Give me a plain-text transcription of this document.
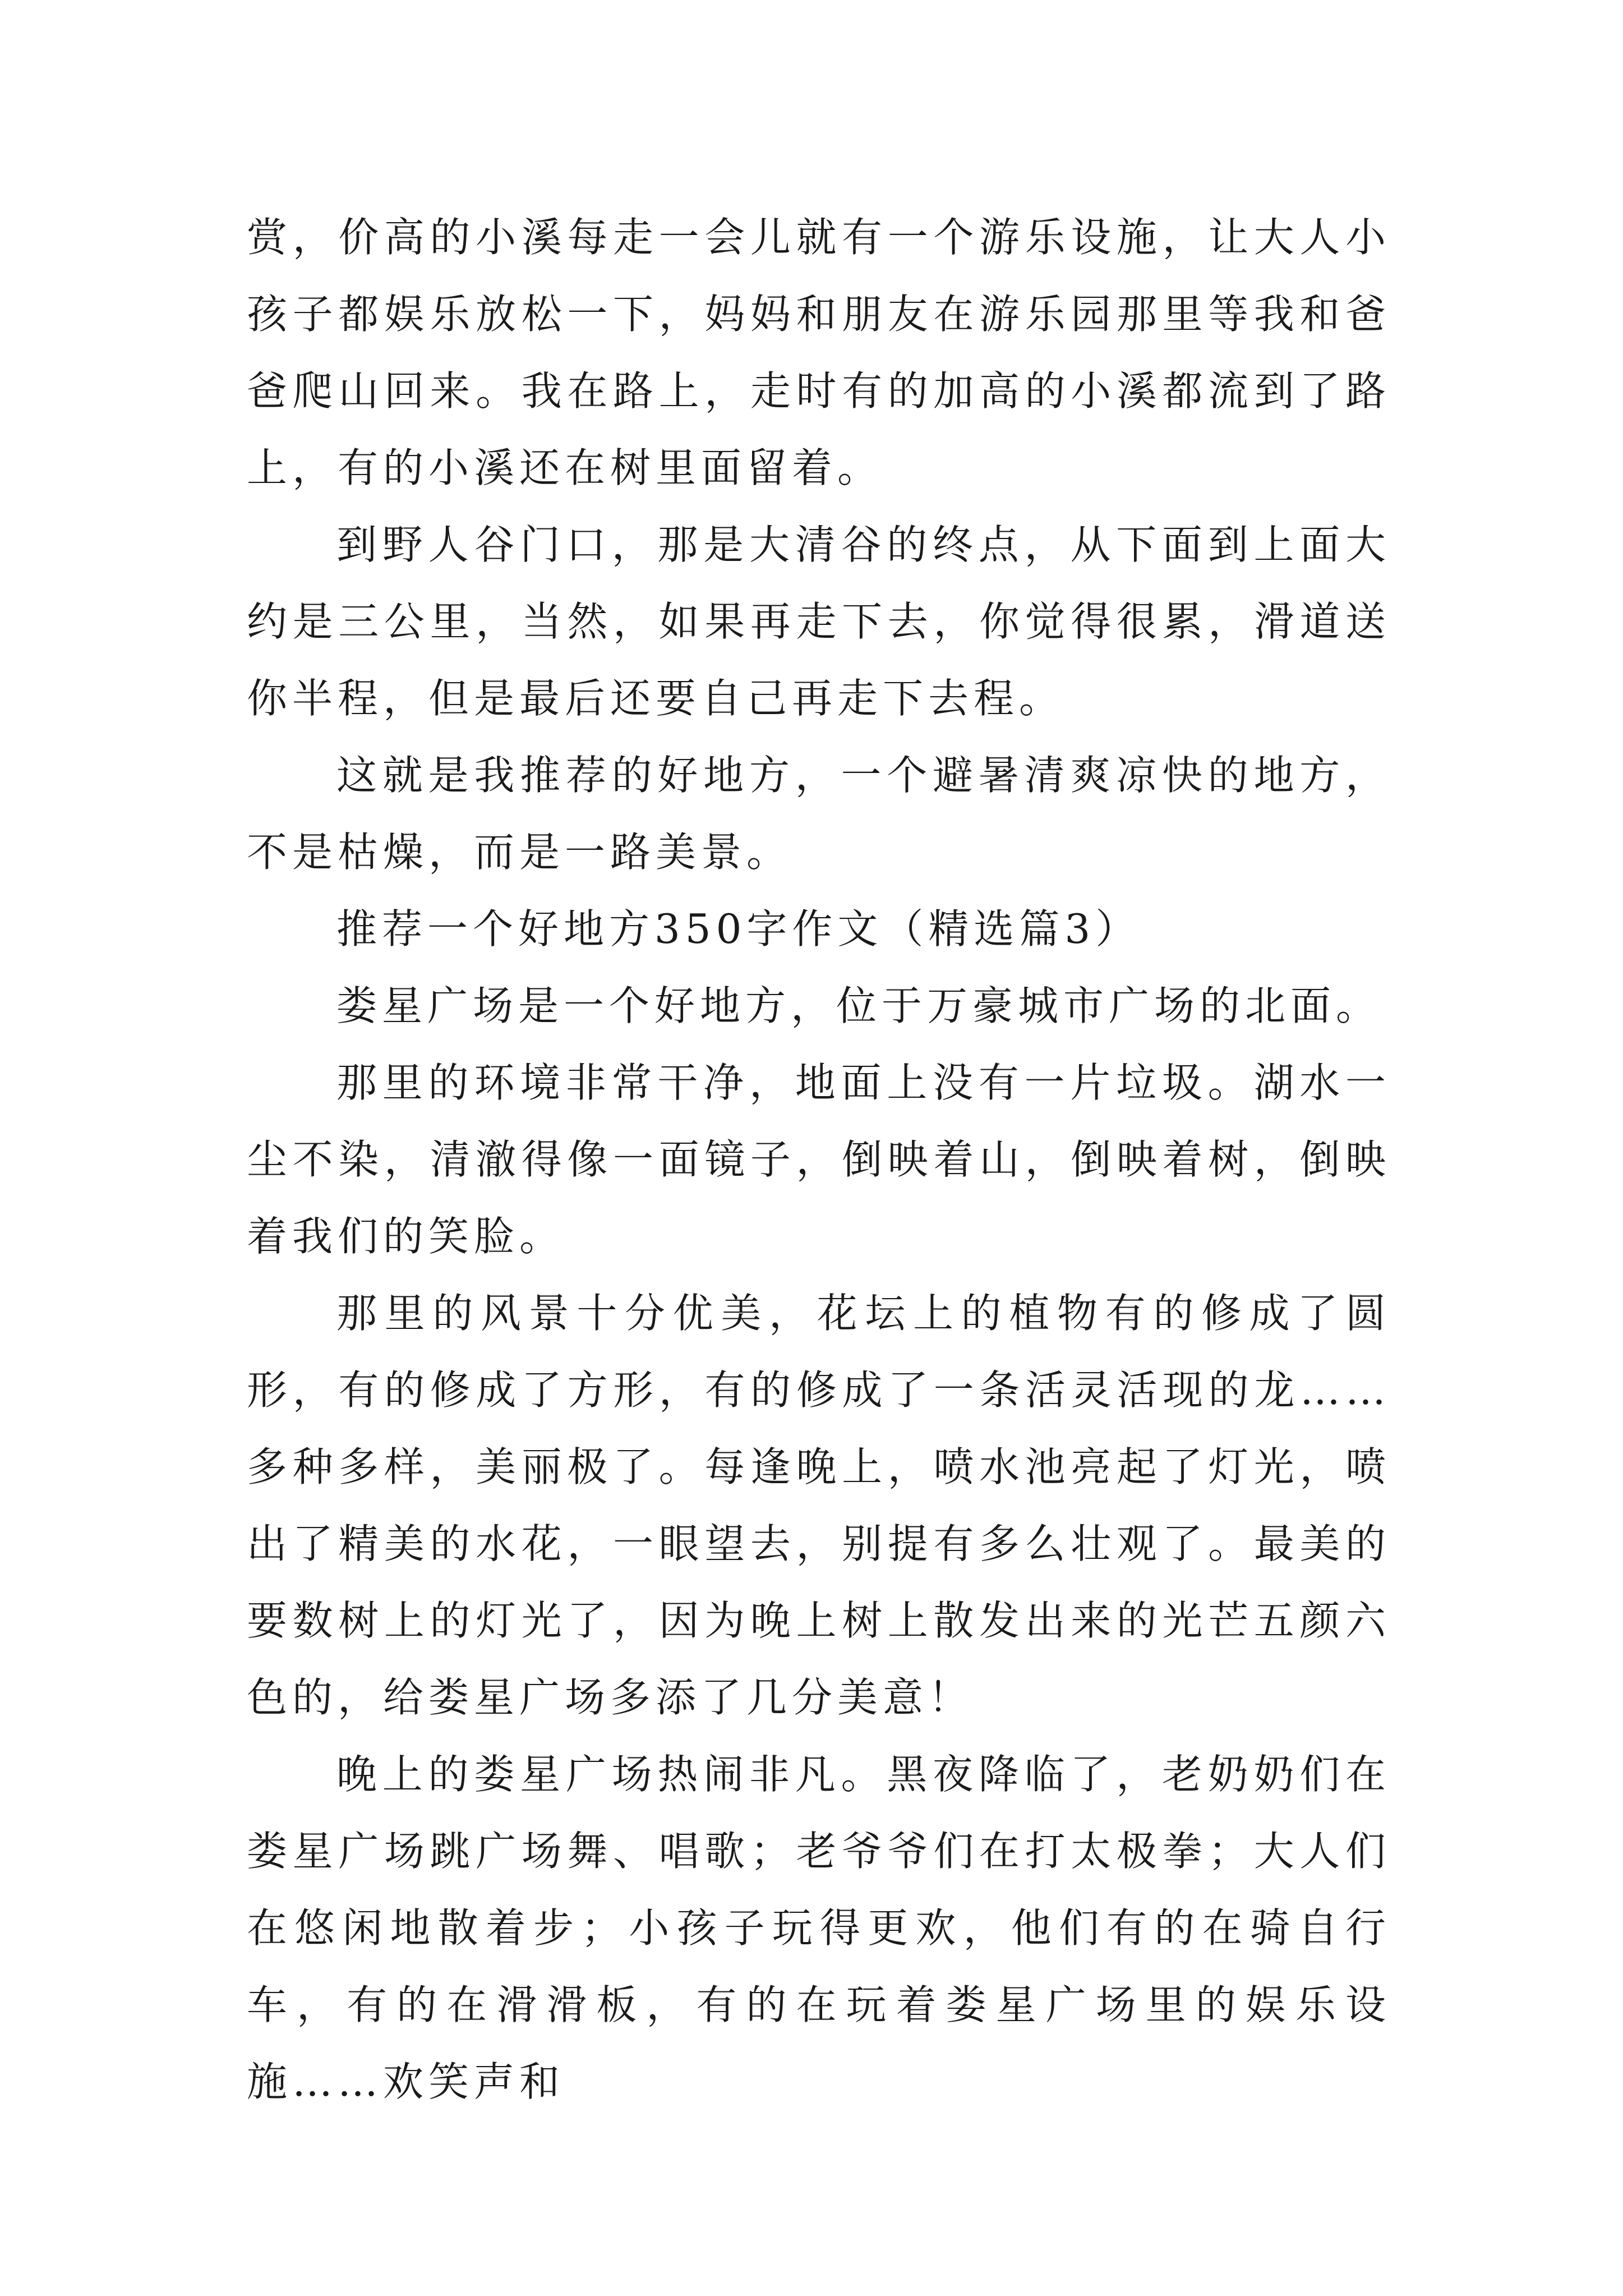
赏，价高的小溪每走一会儿就有一个游乐设施，让大人小孩子都娱乐放松一下，妈妈和朋友在游乐园那里等我和爸爸爬山回来。我在路上，走时有的加高的小溪都流到了路上，有的小溪还在树里面留着。

到野人谷门口，那是大清谷的终点，从下面到上面大约是三公里，当然，如果再走下去，你觉得很累，滑道送你半程，但是最后还要自己再走下去程。

这就是我推荐的好地方，一个避暑清爽凉快的地方，不是枯燥，而是一路美景。

推荐一个好地方350字作文（精选篇3）

娄星广场是一个好地方，位于万豪城市广场的北面。

那里的环境非常干净，地面上没有一片垃圾。湖水一尘不染，清澈得像一面镜子，倒映着山，倒映着树，倒映着我们的笑脸。

那里的风景十分优美，花坛上的植物有的修成了圆形，有的修成了方形，有的修成了一条活灵活现的龙……多种多样，美丽极了。每逢晚上，喷水池亮起了灯光，喷出了精美的水花，一眼望去，别提有多么壮观了。最美的要数树上的灯光了，因为晚上树上散发出来的光芒五颜六色的，给娄星广场多添了几分美意！

晚上的娄星广场热闹非凡。黑夜降临了，老奶奶们在娄星广场跳广场舞、唱歌；老爷爷们在打太极拳；大人们在悠闲地散着步；小孩子玩得更欢，他们有的在骑自行车，有的在滑滑板，有的在玩着娄星广场里的娱乐设施……欢笑声和
